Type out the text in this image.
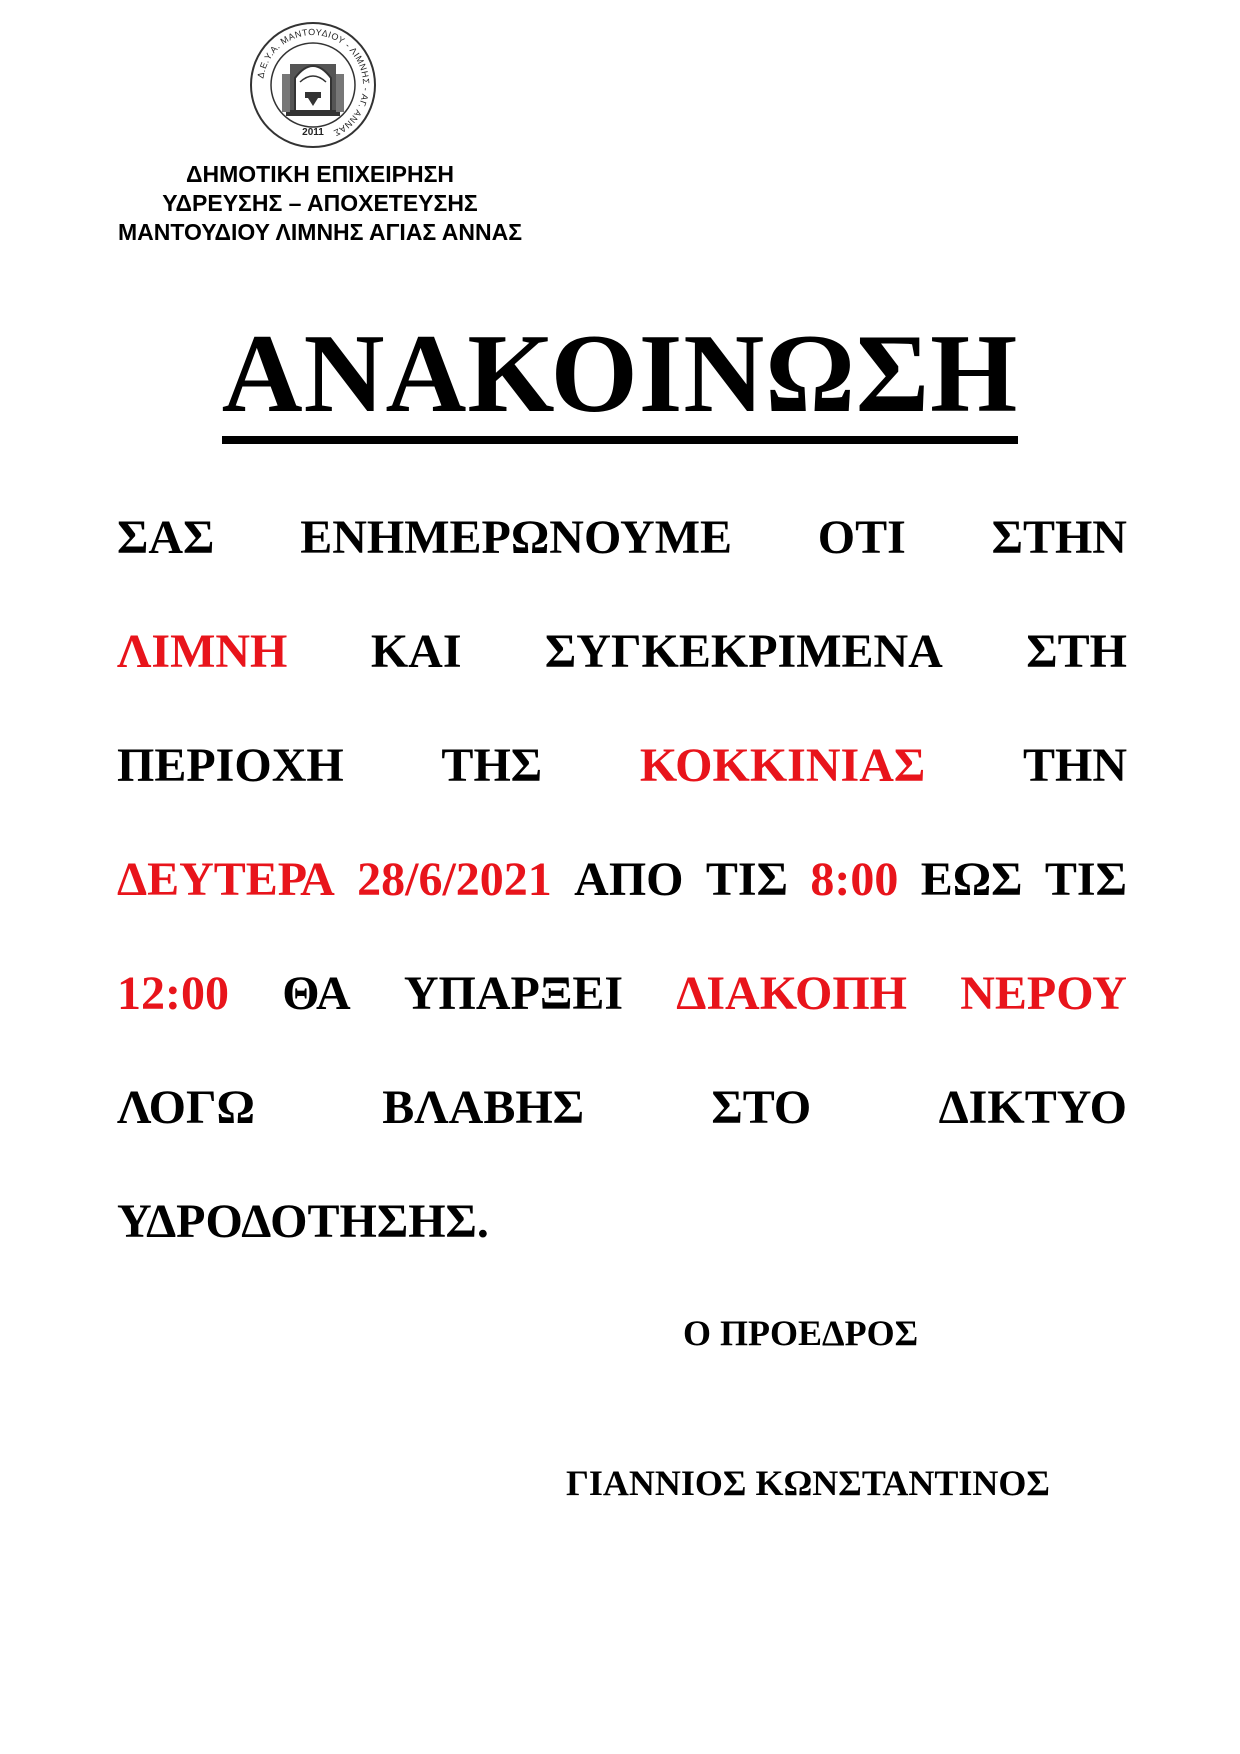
Δ.Ε.Υ.Α. ΜΑΝΤΟΥΔΙΟΥ - ΛΙΜΝΗΣ - ΑΓ. ΑΝΝΑΣ
2011
ΔΗΜΟΤΙΚΗ ΕΠΙΧΕΙΡΗΣΗ
ΥΔΡΕΥΣΗΣ – ΑΠΟΧΕΤΕΥΣΗΣ
ΜΑΝΤΟΥΔΙΟΥ ΛΙΜΝΗΣ ΑΓΙΑΣ ΑΝΝΑΣ
ΑΝΑΚΟΙΝΩΣΗ
ΣΑΣ ΕΝΗΜΕΡΩΝΟΥΜΕ ΟΤΙ ΣΤΗΝ
ΛΙΜΝΗ ΚΑΙ ΣΥΓΚΕΚΡΙΜΕΝΑ ΣΤΗ
ΠΕΡΙΟΧΗ ΤΗΣ ΚΟΚΚΙΝΙΑΣ ΤΗΝ
ΔΕΥΤΕΡΑ 28/6/2021 ΑΠΟ ΤΙΣ 8:00 ΕΩΣ ΤΙΣ
12:00 ΘΑ ΥΠΑΡΞΕΙ ΔΙΑΚΟΠΗ ΝΕΡΟΥ
ΛΟΓΩ	ΒΛΑΒΗΣ	ΣΤΟ	ΔΙΚΤΥΟ
ΥΔΡΟΔΟΤΗΣΗΣ.
Ο ΠΡΟΕΔΡΟΣ
ΓΙΑΝΝΙΟΣ ΚΩΝΣΤΑΝΤΙΝΟΣ
